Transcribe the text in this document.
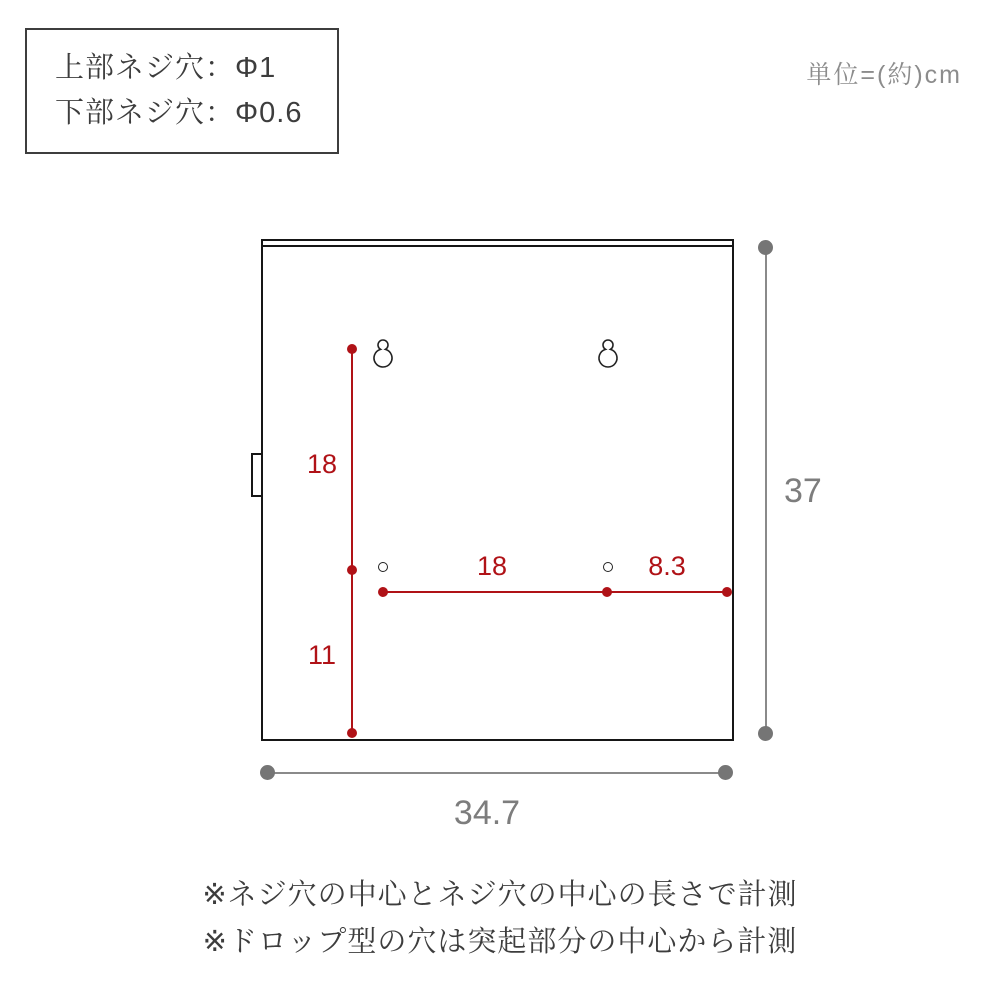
上部ネジ穴：Φ1
下部ネジ穴：Φ0.6
単位=(約)cm
18
11
18	8.3
37
34.7
※ネジ穴の中心とネジ穴の中心の長さで計測
※ドロップ型の穴は突起部分の中心から計測
